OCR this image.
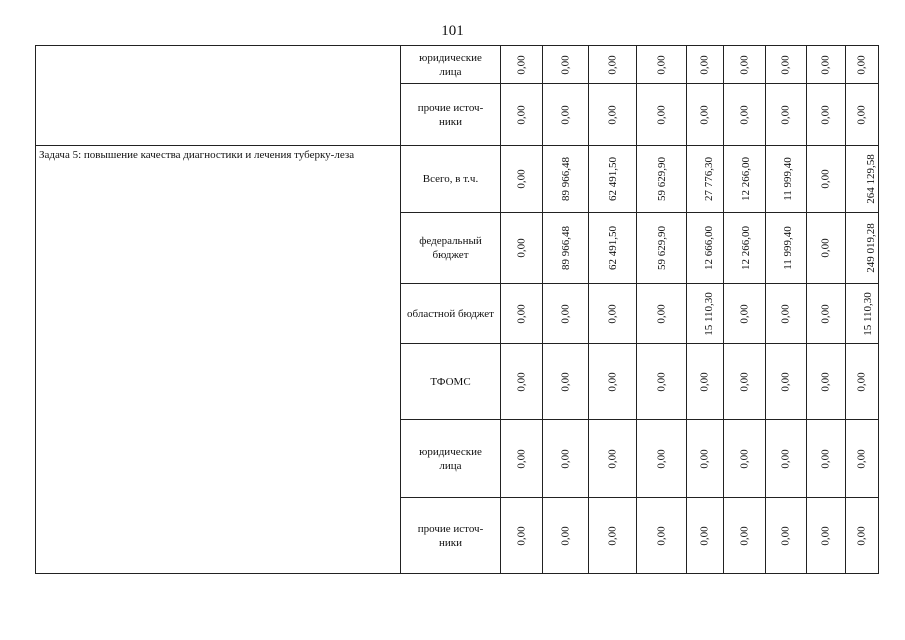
101
	юридические лица	0,00	0,00	0,00	0,00	0,00	0,00	0,00	0,00	0,00
	прочие источ-ники	0,00	0,00	0,00	0,00	0,00	0,00	0,00	0,00	0,00
Задача 5: повышение качества диагностики и лечения туберку-леза	Всего, в т.ч.	0,00	89 966,48	62 491,50	59 629,90	27 776,30	12 266,00	11 999,40	0,00	264 129,58
	федеральный бюджет	0,00	89 966,48	62 491,50	59 629,90	12 666,00	12 266,00	11 999,40	0,00	249 019,28
	областной бюджет	0,00	0,00	0,00	0,00	15 110,30	0,00	0,00	0,00	15 110,30
	ТФОМС	0,00	0,00	0,00	0,00	0,00	0,00	0,00	0,00	0,00
	юридические лица	0,00	0,00	0,00	0,00	0,00	0,00	0,00	0,00	0,00
	прочие источ-ники	0,00	0,00	0,00	0,00	0,00	0,00	0,00	0,00	0,00
